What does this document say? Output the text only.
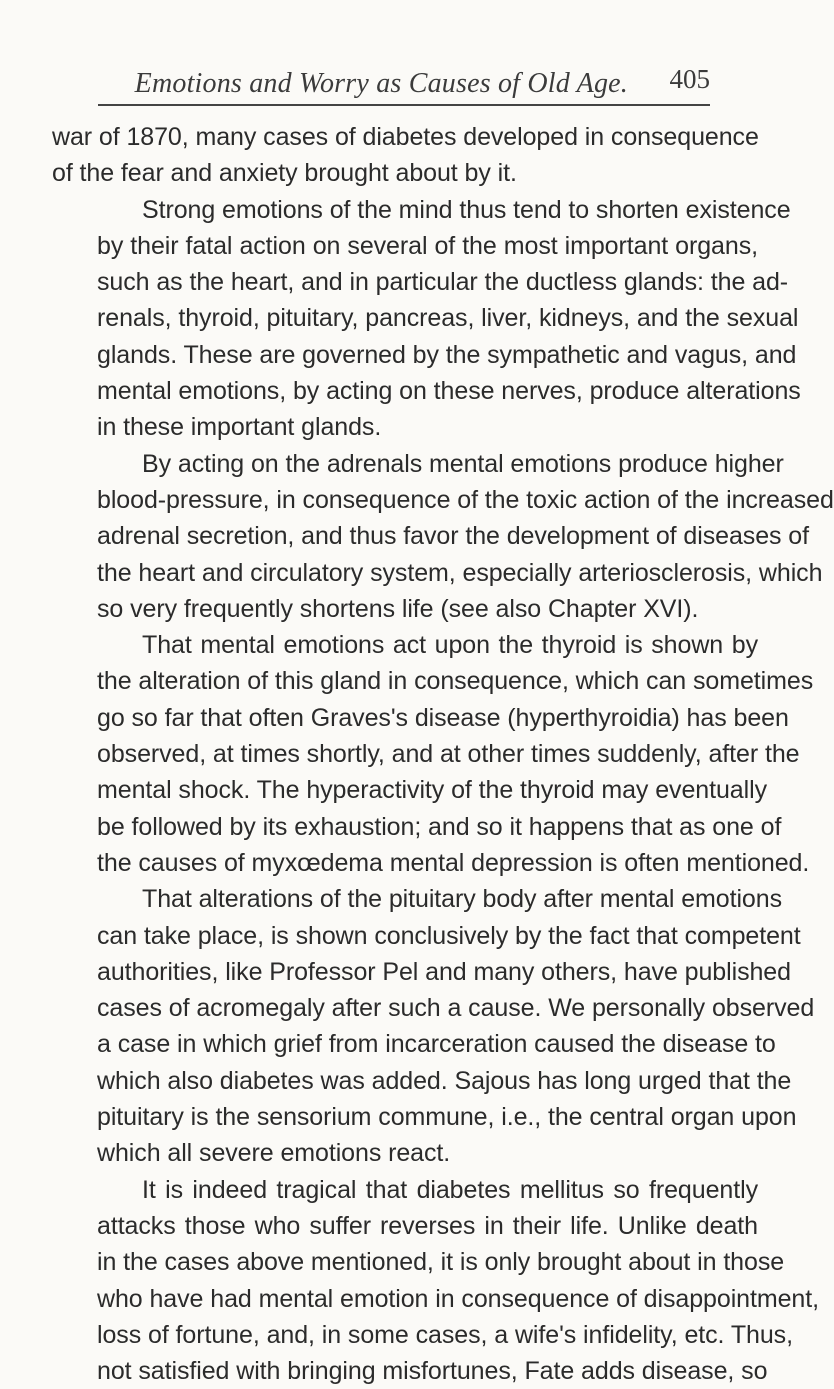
Emotions and Worry as Causes of Old Age. 405

war of 1870, many cases of diabetes developed in consequence
of the fear and anxiety brought about by it.

Strong emotions of the mind thus tend to shorten existence
by their fatal action on several of the most important organs,
such as the heart, and in particular the ductless glands: the ad-
renals, thyroid, pituitary, pancreas, liver, kidneys, and the sexual
glands. These are governed by the sympathetic and vagus, and
mental emotions, by acting on these nerves, produce alterations
in these important glands.

By acting on the adrenals mental emotions produce higher
blood-pressure, in consequence of the toxic action of the increased
adrenal secretion, and thus favor the development of diseases of
the heart and circulatory system, especially arteriosclerosis, which
so very frequently shortens life (see also Chapter XVI).

That mental emotions act upon the thyroid is shown by
the alteration of this gland in consequence, which can sometimes
go so far that often Graves's disease (hyperthyroidia) has been
observed, at times shortly, and at other times suddenly, after the
mental shock. The hyperactivity of the thyroid may eventually
be followed by its exhaustion; and so it happens that as one of
the causes of myxœdema mental depression is often mentioned.

That alterations of the pituitary body after mental emotions
can take place, is shown conclusively by the fact that competent
authorities, like Professor Pel and many others, have published
cases of acromegaly after such a cause. We personally observed
a case in which grief from incarceration caused the disease to
which also diabetes was added. Sajous has long urged that the
pituitary is the sensorium commune, i.e., the central organ upon
which all severe emotions react.

It is indeed tragical that diabetes mellitus so frequently
attacks those who suffer reverses in their life. Unlike death
in the cases above mentioned, it is only brought about in those
who have had mental emotion in consequence of disappointment,
loss of fortune, and, in some cases, a wife's infidelity, etc. Thus,
not satisfied with bringing misfortunes, Fate adds disease, so
